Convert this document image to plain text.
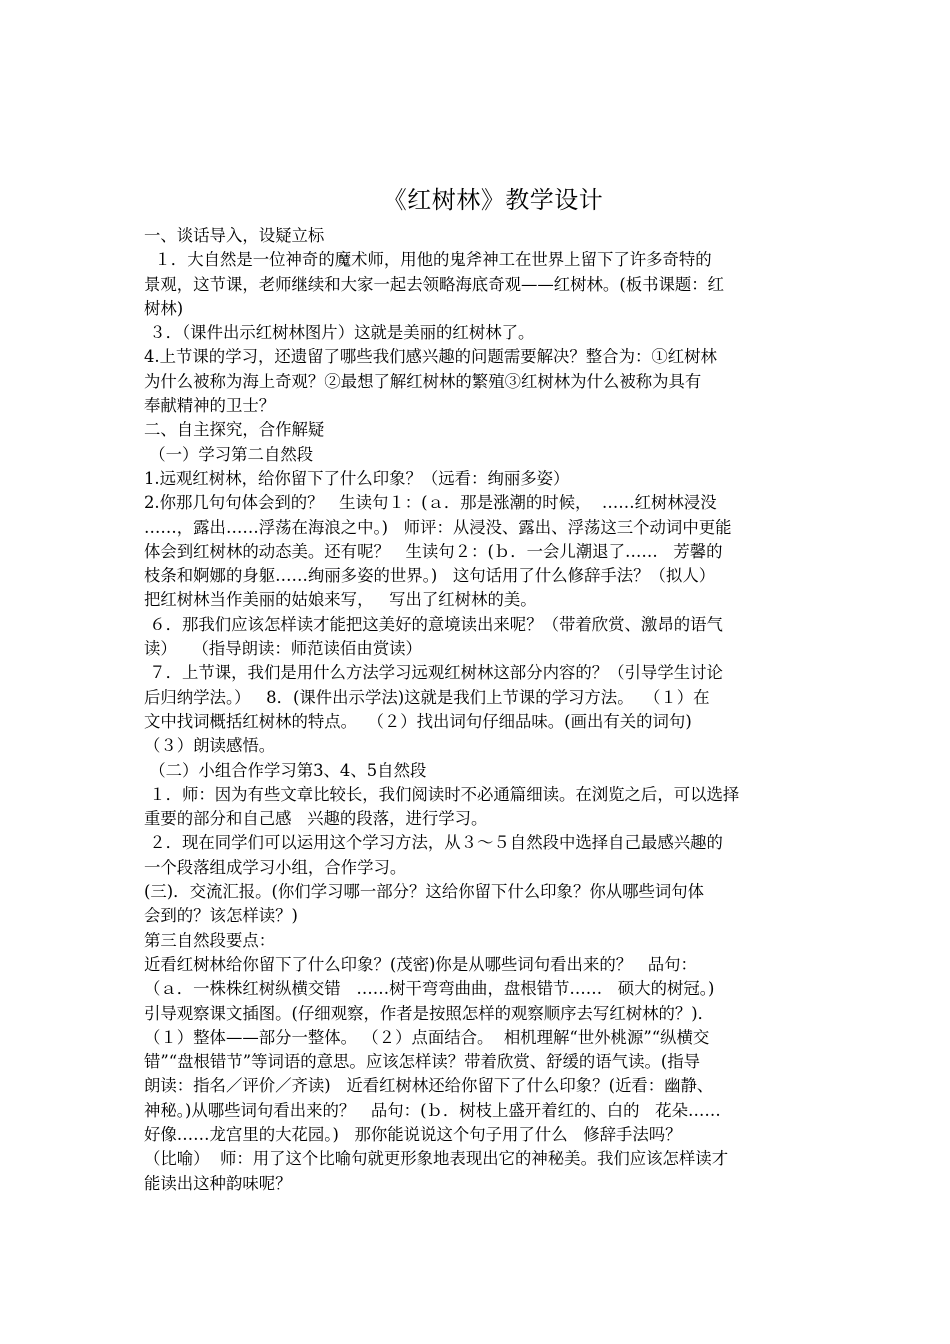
《红树林》教学设计
一、谈话导入，设疑立标
１．大自然是一位神奇的魔术师，用他的鬼斧神工在世界上留下了许多奇特的
景观，这节课，老师继续和大家一起去领略海底奇观——红树林。(板书课题：红
树林)
３．（课件出示红树林图片）这就是美丽的红树林了。
4.上节课的学习，还遗留了哪些我们感兴趣的问题需要解决？整合为：①红树林
为什么被称为海上奇观？②最想了解红树林的繁殖③红树林为什么被称为具有
奉献精神的卫士？
二、自主探究，合作解疑
（一）学习第二自然段
1.远观红树林，给你留下了什么印象？（远看：绚丽多姿）
2.你那几句句体会到的？   生读句１：(ａ．那是涨潮的时候，  ……红树林浸没
……，露出……浮荡在海浪之中。)   师评：从浸没、露出、浮荡这三个动词中更能
体会到红树林的动态美。还有呢？   生读句２：(ｂ．一会儿潮退了……   芳馨的
枝条和婀娜的身躯……绚丽多姿的世界。)   这句话用了什么修辞手法？（拟人）
把红树林当作美丽的姑娘来写，   写出了红树林的美。
６．那我们应该怎样读才能把这美好的意境读出来呢？（带着欣赏、激昂的语气
读）   （指导朗读：师范读佰由赏读）
７．上节课，我们是用什么方法学习远观红树林这部分内容的？（引导学生讨论
后归纳学法。）   8．(课件出示学法)这就是我们上节课的学习方法。  （１）在
文中找词概括红树林的特点。  （２）找出词句仔细品味。(画出有关的词句)
（３）朗读感悟。
（二）小组合作学习第3、4、5自然段
１．师：因为有些文章比较长，我们阅读时不必通篇细读。在浏览之后，可以选择
重要的部分和自己感   兴趣的段落，进行学习。
２．现在同学们可以运用这个学习方法，从３～５自然段中选择自己最感兴趣的
一个段落组成学习小组，合作学习。
(三)．交流汇报。(你们学习哪一部分？这给你留下什么印象？你从哪些词句体
会到的？该怎样读？)
第三自然段要点：
近看红树林给你留下了什么印象？(茂密)你是从哪些词句看出来的？   品句：
（ａ．一株株红树纵横交错   ……树干弯弯曲曲，盘根错节……   硕大的树冠。)
引导观察课文插图。(仔细观察，作者是按照怎样的观察顺序去写红树林的？)．
（１）整体——部分一整体。 （２）点面结合。  相机理解“世外桃源”“纵横交
错”“盘根错节”等词语的意思。应该怎样读？带着欣赏、舒缓的语气读。(指导
朗读：指名／评价／齐读)   近看红树林还给你留下了什么印象？(近看：幽静、
神秘。)从哪些词句看出来的？   品句：(ｂ．树枝上盛开着红的、白的   花朵……
好像……龙宫里的大花园。)   那你能说说这个句子用了什么   修辞手法吗？
（比喻）  师：用了这个比喻句就更形象地表现出它的神秘美。我们应该怎样读才
能读出这种韵味呢？
